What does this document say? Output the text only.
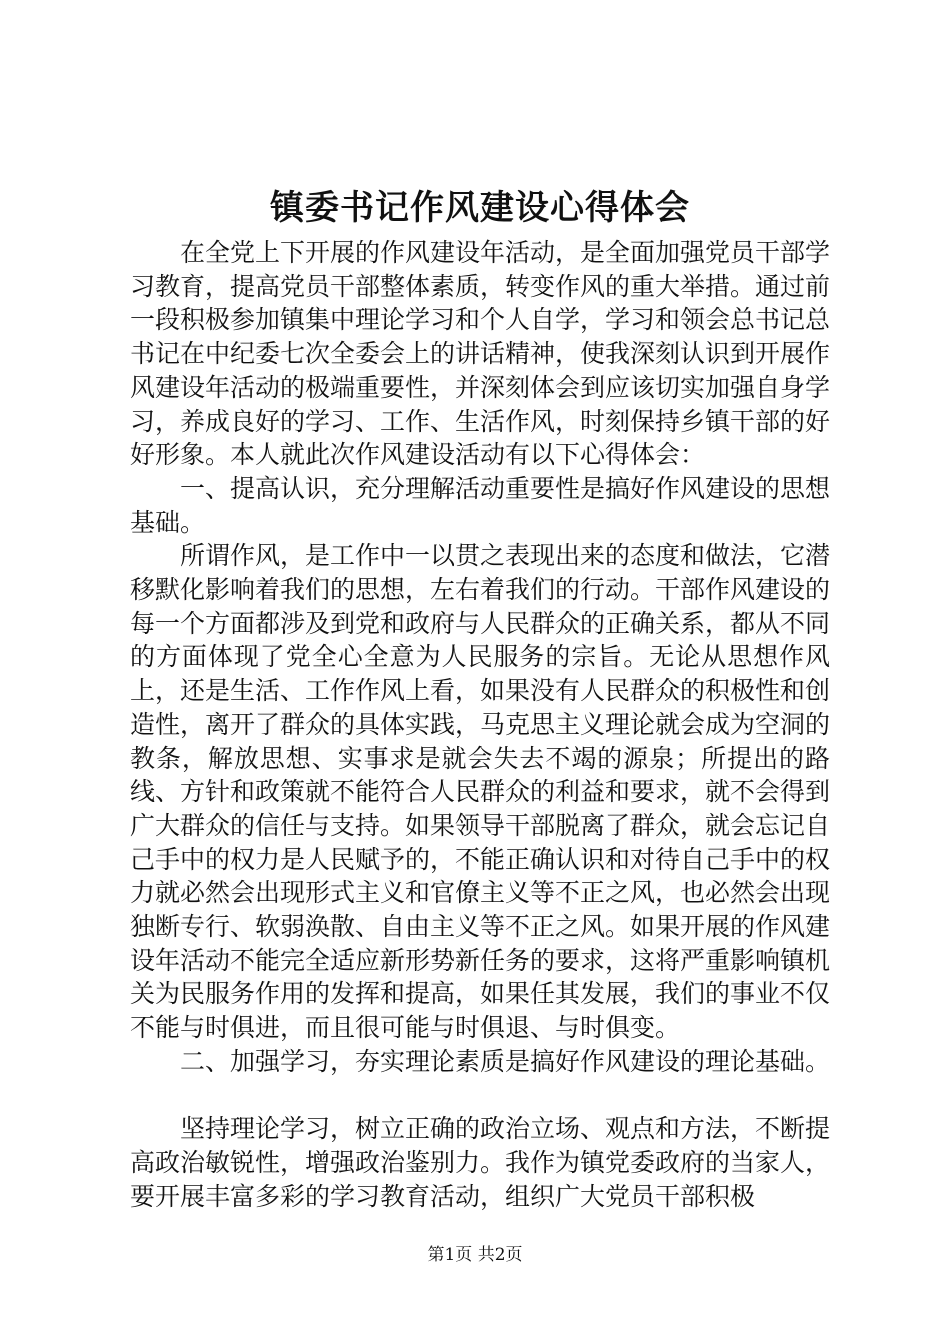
镇委书记作风建设心得体会

在全党上下开展的作风建设年活动，是全面加强党员干部学习教育，提高党员干部整体素质，转变作风的重大举措。通过前一段积极参加镇集中理论学习和个人自学，学习和领会总书记总书记在中纪委七次全委会上的讲话精神，使我深刻认识到开展作风建设年活动的极端重要性，并深刻体会到应该切实加强自身学习，养成良好的学习、工作、生活作风，时刻保持乡镇干部的好好形象。本人就此次作风建设活动有以下心得体会：

一、提高认识，充分理解活动重要性是搞好作风建设的思想基础。

所谓作风，是工作中一以贯之表现出来的态度和做法，它潜移默化影响着我们的思想，左右着我们的行动。干部作风建设的每一个方面都涉及到党和政府与人民群众的正确关系，都从不同的方面体现了党全心全意为人民服务的宗旨。无论从思想作风上，还是生活、工作作风上看，如果没有人民群众的积极性和创造性，离开了群众的具体实践，马克思主义理论就会成为空洞的教条，解放思想、实事求是就会失去不竭的源泉；所提出的路线、方针和政策就不能符合人民群众的利益和要求，就不会得到广大群众的信任与支持。如果领导干部脱离了群众，就会忘记自己手中的权力是人民赋予的，不能正确认识和对待自己手中的权力就必然会出现形式主义和官僚主义等不正之风，也必然会出现独断专行、软弱涣散、自由主义等不正之风。如果开展的作风建设年活动不能完全适应新形势新任务的要求，这将严重影响镇机关为民服务作用的发挥和提高，如果任其发展，我们的事业不仅不能与时俱进，而且很可能与时俱退、与时俱变。

二、加强学习，夯实理论素质是搞好作风建设的理论基础。

坚持理论学习，树立正确的政治立场、观点和方法，不断提高政治敏锐性，增强政治鉴别力。我作为镇党委政府的当家人，要开展丰富多彩的学习教育活动，组织广大党员干部积极

第1页 共2页
